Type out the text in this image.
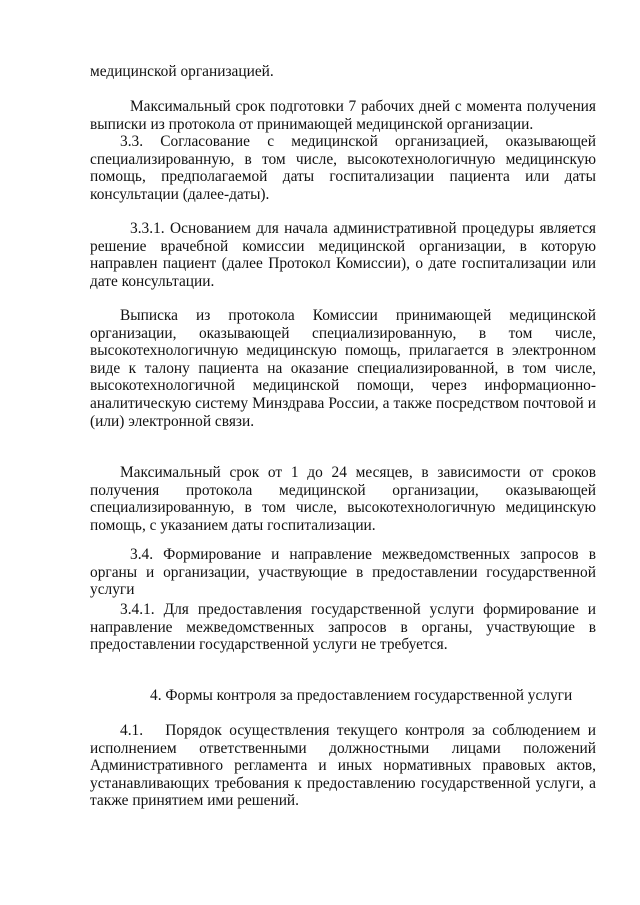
медицинской организацией.

Максимальный срок подготовки 7 рабочих дней с момента получения выписки из протокола от принимающей медицинской организации.

3.3. Согласование с медицинской организацией, оказывающей специализированную, в том числе, высокотехнологичную медицинскую помощь, предполагаемой даты госпитализации пациента или даты консультации (далее-даты).

3.3.1. Основанием для начала административной процедуры является решение врачебной комиссии медицинской организации, в которую направлен пациент (далее Протокол Комиссии), о дате госпитализации или дате консультации.

Выписка из протокола Комиссии принимающей медицинской организации, оказывающей специализированную, в том числе, высокотехнологичную медицинскую помощь, прилагается в электронном виде к талону пациента на оказание специализированной, в том числе, высокотехнологичной медицинской помощи, через информационно-аналитическую систему Минздрава России, а также посредством почтовой и (или) электронной связи.

Максимальный срок от 1 до 24 месяцев, в зависимости от сроков получения протокола медицинской организации, оказывающей специализированную, в том числе, высокотехнологичную медицинскую помощь, с указанием даты госпитализации.

3.4. Формирование и направление межведомственных запросов в органы и организации, участвующие в предоставлении государственной услуги

3.4.1. Для предоставления государственной услуги формирование и направление межведомственных запросов в органы, участвующие в предоставлении государственной услуги не требуется.

4. Формы контроля за предоставлением государственной услуги

4.1.   Порядок осуществления текущего контроля за соблюдением и исполнением ответственными должностными лицами положений Административного регламента и иных нормативных правовых актов, устанавливающих требования к предоставлению государственной услуги, а также принятием ими решений.
